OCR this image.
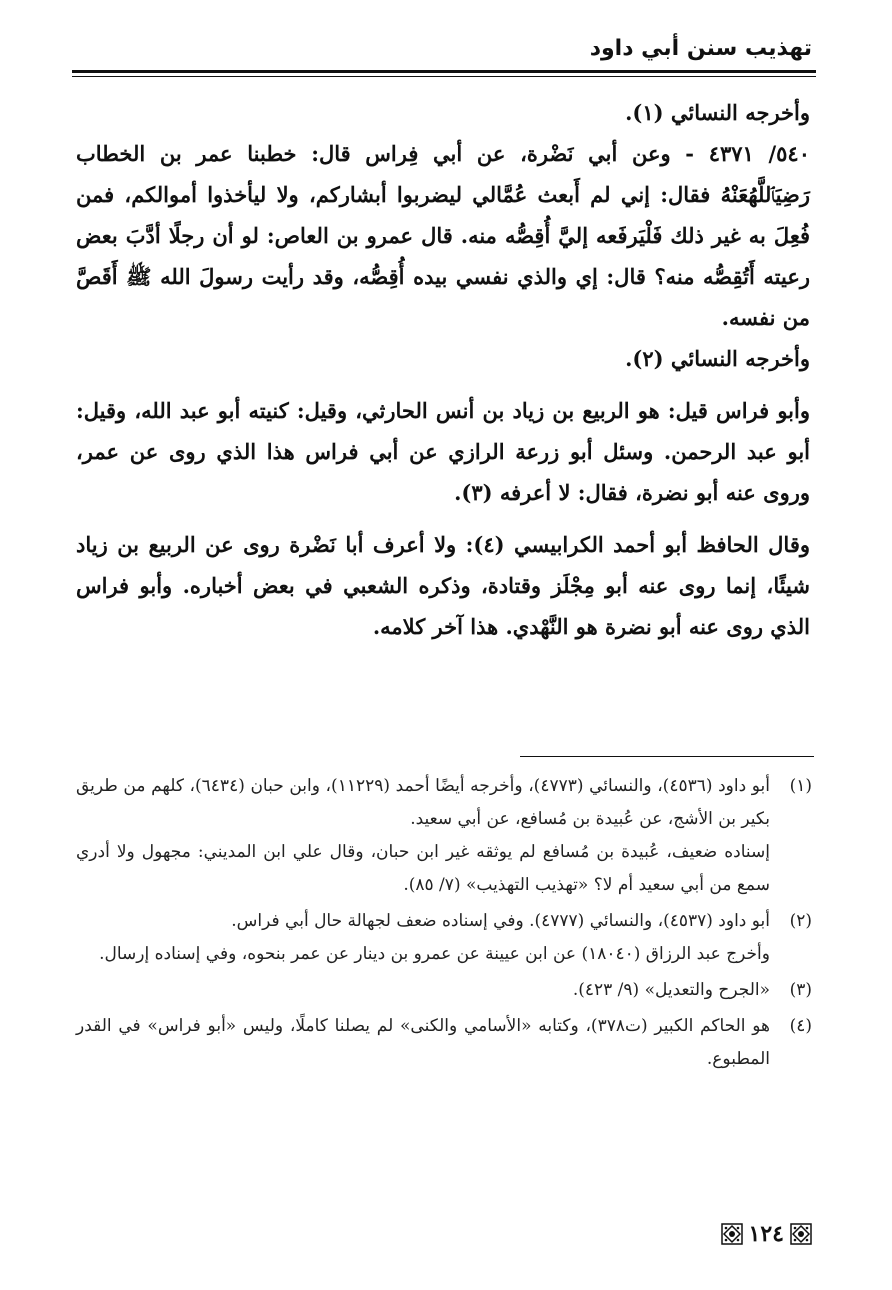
تهذيب سنن أبي داود

وأخرجه النسائي (١).

٥٤٠/ ٤٣٧١ - وعن أبي نَضْرة، عن أبي فِراس قال: خطبنا عمر بن الخطاب رَضِيَٱللَّهُعَنْهُ فقال: إني لم أَبعث عُمَّالي ليضربوا أبشاركم، ولا ليأخذوا أموالكم، فمن فُعِلَ به غير ذلك فَلْيَرفَعه إليَّ أُقِصُّه منه. قال عمرو بن العاص: لو أن رجلًا أدَّبَ بعض رعيته أَتُقِصُّه منه؟ قال: إي والذي نفسي بيده أُقِصُّه، وقد رأيت رسولَ الله ﷺ أَقَصَّ من نفسه.

وأخرجه النسائي (٢).

وأبو فراس قيل: هو الربيع بن زياد بن أنس الحارثي، وقيل: كنيته أبو عبد الله، وقيل: أبو عبد الرحمن. وسئل أبو زرعة الرازي عن أبي فراس هذا الذي روى عن عمر، وروى عنه أبو نضرة، فقال: لا أعرفه (٣).

وقال الحافظ أبو أحمد الكرابيسي (٤): ولا أعرف أبا نَضْرة روى عن الربيع بن زياد شيئًا، إنما روى عنه أبو مِجْلَز وقتادة، وذكره الشعبي في بعض أخباره. وأبو فراس الذي روى عنه أبو نضرة هو النَّهْدي. هذا آخر كلامه.

(١)

أبو داود (٤٥٣٦)، والنسائي (٤٧٧٣)، وأخرجه أيضًا أحمد (١١٢٢٩)، وابن حبان (٦٤٣٤)، كلهم من طريق بكير بن الأشج، عن عُبيدة بن مُسافع، عن أبي سعيد.

إسناده ضعيف، عُبيدة بن مُسافع لم يوثقه غير ابن حبان، وقال علي ابن المديني: مجهول ولا أدري سمع من أبي سعيد أم لا؟ «تهذيب التهذيب» (٧/ ٨٥).

(٢)

أبو داود (٤٥٣٧)، والنسائي (٤٧٧٧). وفي إسناده ضعف لجهالة حال أبي فراس.

وأخرج عبد الرزاق (١٨٠٤٠) عن ابن عيينة عن عمرو بن دينار عن عمر بنحوه، وفي إسناده إرسال.

(٣)

«الجرح والتعديل» (٩/ ٤٢٣).

(٤)

هو الحاكم الكبير (ت٣٧٨)، وكتابه «الأسامي والكنى» لم يصلنا كاملًا، وليس «أبو فراس» في القدر المطبوع.

١٢٤
